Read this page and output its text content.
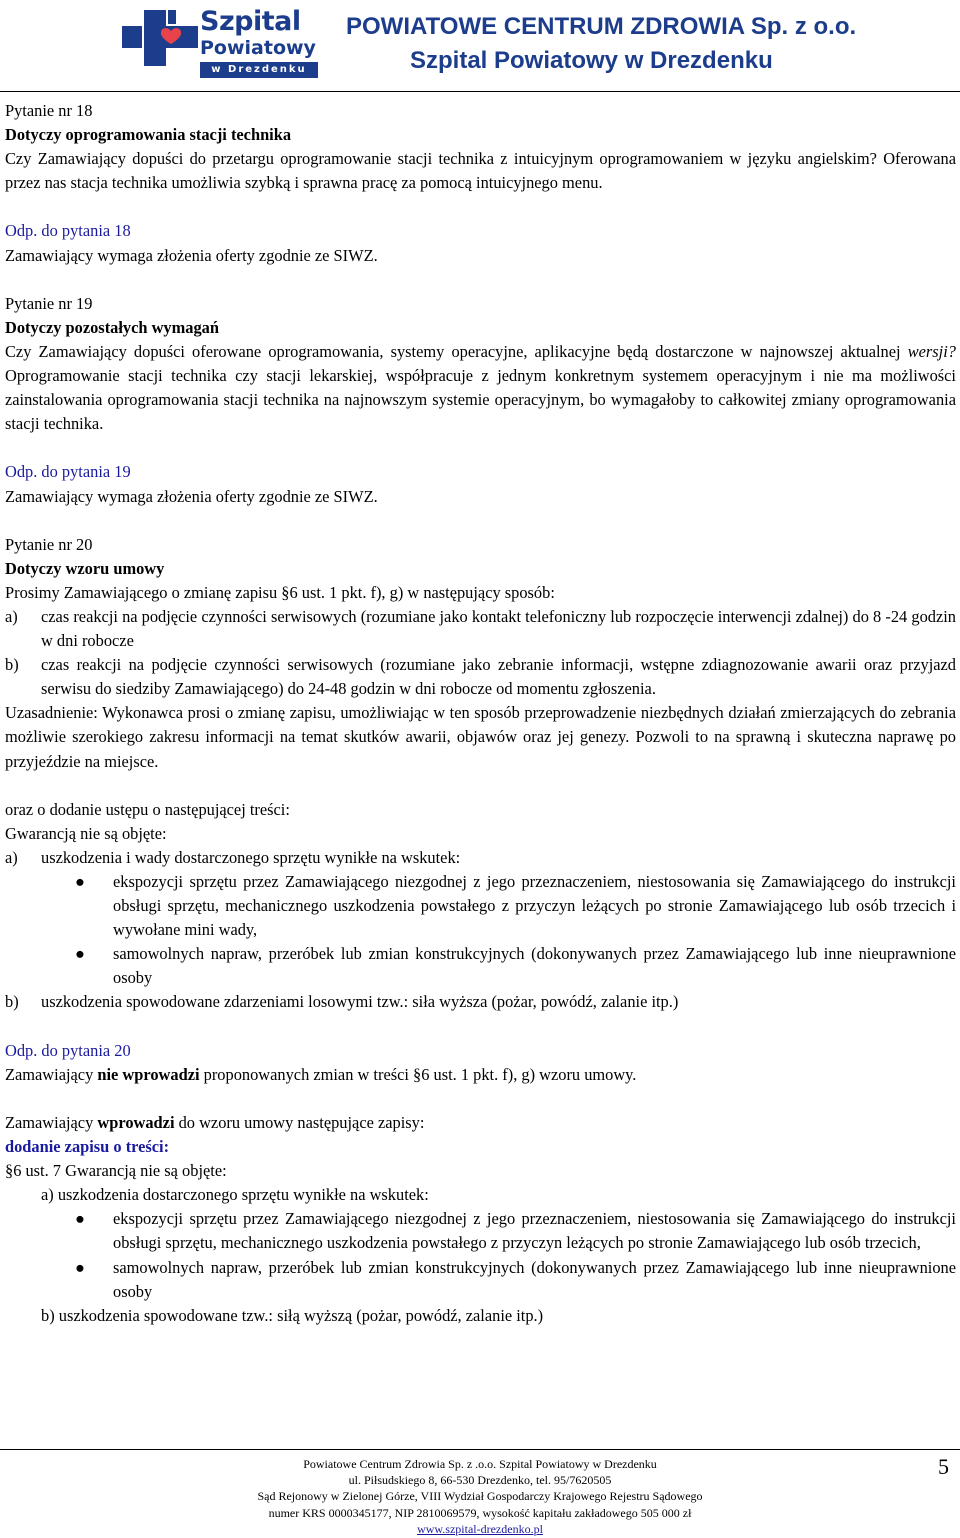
Szpital
Powiatowy
w Drezdenku
POWIATOWE CENTRUM ZDROWIA Sp. z o.o.
Szpital Powiatowy w Drezdenku

Pytanie nr 18

Dotyczy oprogramowania stacji technika

Czy Zamawiający dopuści do przetargu oprogramowanie stacji technika z intuicyjnym oprogramowaniem w języku angielskim? Oferowana przez nas stacja technika umożliwia szybką i sprawna pracę za pomocą intuicyjnego menu.

Odp. do pytania 18

Zamawiający wymaga złożenia oferty zgodnie ze SIWZ.

Pytanie nr 19

Dotyczy pozostałych wymagań

Czy Zamawiający dopuści oferowane oprogramowania, systemy operacyjne, aplikacyjne będą dostarczone w najnowszej aktualnej wersji? Oprogramowanie stacji technika czy stacji lekarskiej, współpracuje z jednym konkretnym systemem operacyjnym i nie ma możliwości zainstalowania oprogramowania stacji technika na najnowszym systemie operacyjnym, bo wymagałoby to całkowitej zmiany oprogramowania stacji technika.

Odp. do pytania 19

Zamawiający wymaga złożenia oferty zgodnie ze SIWZ.

Pytanie nr 20

Dotyczy wzoru umowy

Prosimy Zamawiającego o zmianę zapisu §6 ust. 1 pkt. f), g) w następujący sposób:

a)	czas reakcji na podjęcie czynności serwisowych (rozumiane jako kontakt telefoniczny lub rozpoczęcie interwencji zdalnej) do 8 -24 godzin w dni robocze
b)	czas reakcji na podjęcie czynności serwisowych (rozumiane jako zebranie informacji, wstępne zdiagnozowanie awarii oraz przyjazd serwisu do siedziby Zamawiającego) do 24-48 godzin w dni robocze od momentu zgłoszenia.

Uzasadnienie: Wykonawca prosi o zmianę zapisu, umożliwiając w ten sposób przeprowadzenie niezbędnych działań zmierzających do zebrania możliwie szerokiego zakresu informacji na temat skutków awarii, objawów oraz jej genezy. Pozwoli to na sprawną i skuteczna naprawę po przyjeździe na miejsce.

oraz o dodanie ustępu o następującej treści:

Gwarancją nie są objęte:

a)	uszkodzenia i wady dostarczonego sprzętu wynikłe na wskutek:
●	ekspozycji sprzętu przez Zamawiającego niezgodnej z jego przeznaczeniem, niestosowania się Zamawiającego do instrukcji obsługi sprzętu, mechanicznego uszkodzenia powstałego z przyczyn leżących po stronie Zamawiającego lub osób trzecich i wywołane mini wady,
●	samowolnych napraw, przeróbek lub zmian konstrukcyjnych (dokonywanych przez Zamawiającego lub inne nieuprawnione osoby
b)	uszkodzenia spowodowane zdarzeniami losowymi tzw.: siła wyższa (pożar, powódź, zalanie itp.)

Odp. do pytania 20

Zamawiający nie wprowadzi proponowanych zmian w treści §6 ust. 1 pkt. f), g) wzoru umowy.

Zamawiający wprowadzi do wzoru umowy następujące zapisy:

dodanie zapisu o treści:

§6 ust. 7 Gwarancją nie są objęte:

a) uszkodzenia dostarczonego sprzętu wynikłe na wskutek:

●	ekspozycji sprzętu przez Zamawiającego niezgodnej z jego przeznaczeniem, niestosowania się Zamawiającego do instrukcji obsługi sprzętu, mechanicznego uszkodzenia powstałego z przyczyn leżących po stronie Zamawiającego lub osób trzecich,
●	samowolnych napraw, przeróbek lub zmian konstrukcyjnych (dokonywanych przez Zamawiającego lub inne nieuprawnione osoby

b) uszkodzenia spowodowane tzw.: siłą wyższą (pożar, powódź, zalanie itp.)

Powiatowe Centrum Zdrowia Sp. z .o.o. Szpital Powiatowy w Drezdenku
ul. Piłsudskiego 8, 66-530 Drezdenko, tel. 95/7620505
Sąd Rejonowy w Zielonej Górze, VIII Wydział Gospodarczy Krajowego Rejestru Sądowego
numer KRS 0000345177, NIP 2810069579, wysokość kapitału zakładowego 505 000 zł
www.szpital-drezdenko.pl
5
